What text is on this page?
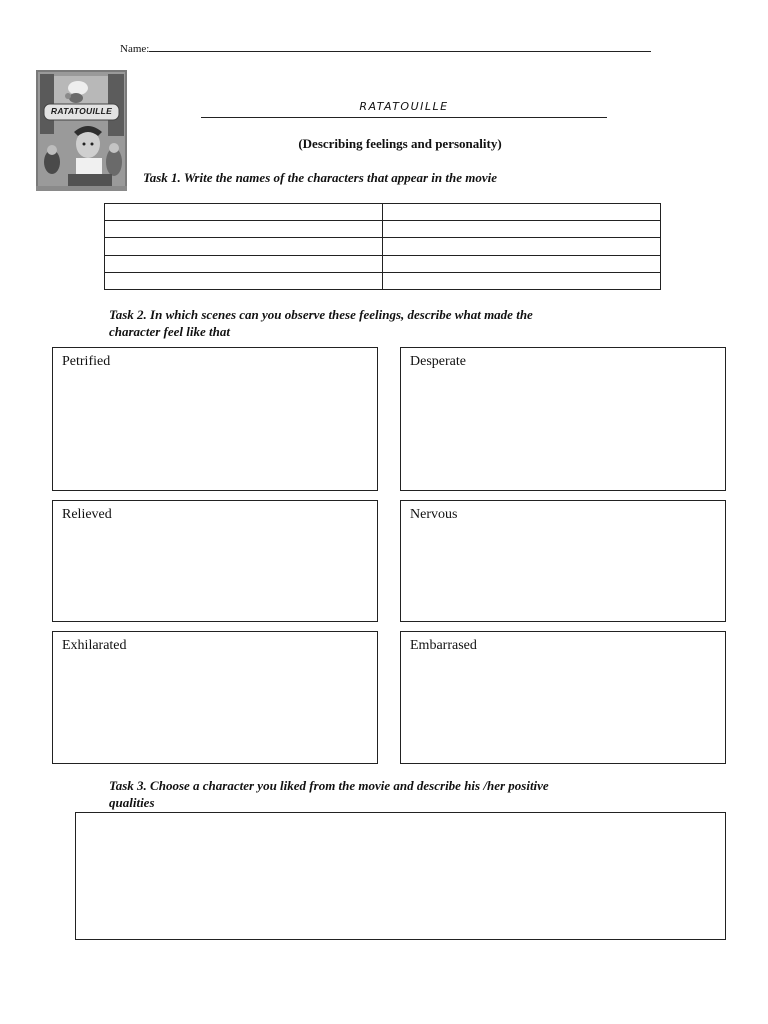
Name:
RATATOUILLE	RATATOUILLE
(Describing feelings and personality)
Task 1. Write the names of the characters that appear in the movie

Task 2. In which scenes can you observe these feelings, describe what made the
character feel like that
Petrified	Desperate
Relieved	Nervous
Exhilarated	Embarrased
Task 3. Choose a character you liked from the movie and describe his /her positive
qualities
